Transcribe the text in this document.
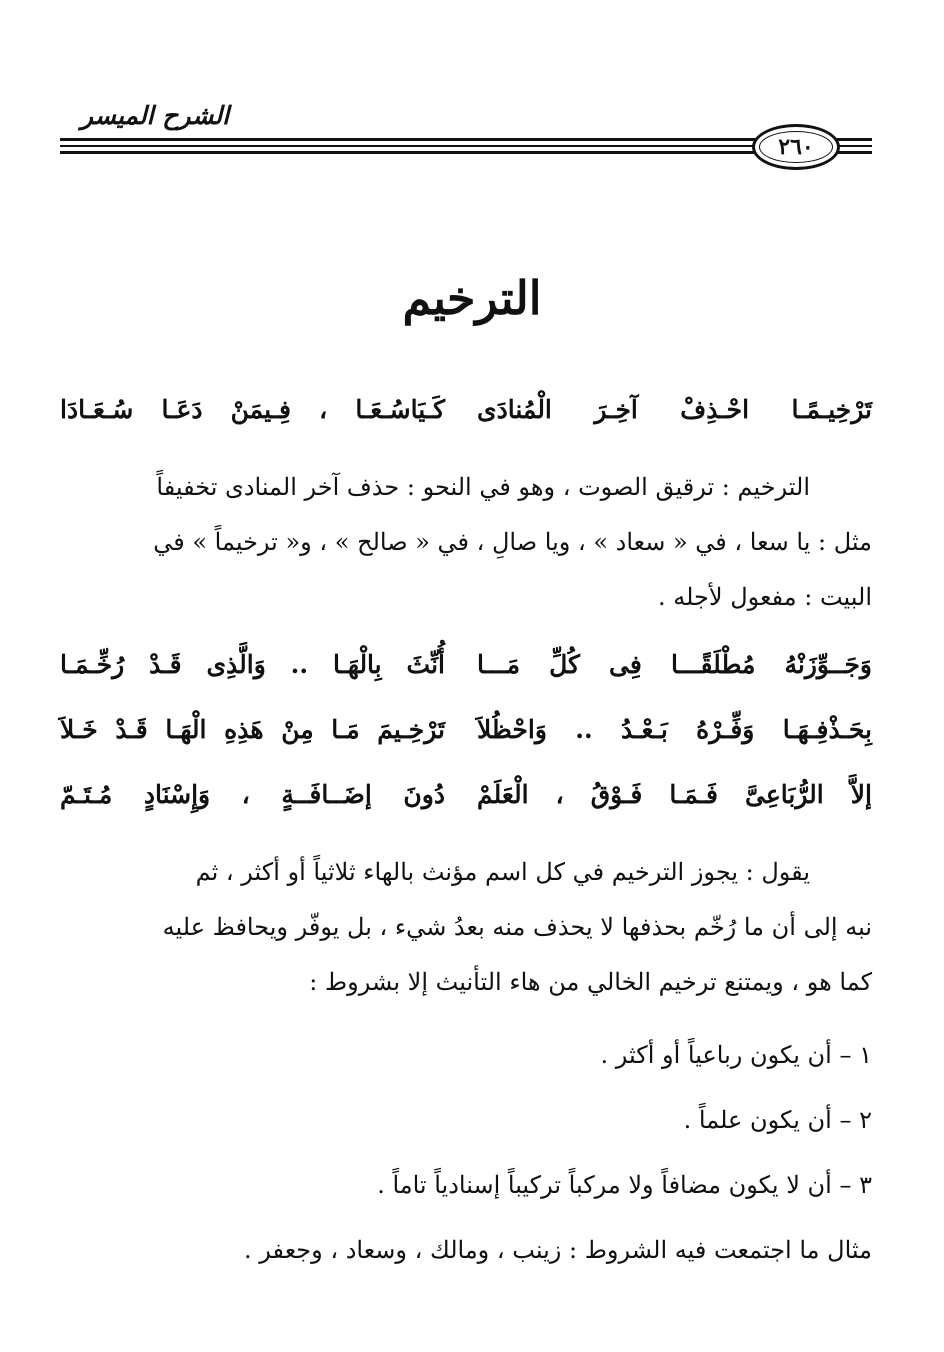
الشرح الميسر
٢٦٠
الترخيم
تَرْخِيـمًـا احْـذِفْ آخِـرَ الْمُنادَى
كَـيَاسُـعَـا ، فِـيمَنْ دَعَـا سُـعَـادَا

الترخيم : ترقيق الصوت ، وهو في النحو : حذف آخر المنادى تخفيفاً

مثل : يا سعا ، في « سعاد » ، ويا صالِ ، في « صالح » ، و« ترخيماً » في

البيت : مفعول لأجله .

وَجَــوِّزَنْهُ مُطْلَقًـــا فِى كُلِّ مَـــا
أُنِّثَ بِالْهَـا .. وَالَّذِى قَـدْ رُخِّـمَـا
بِحَـذْفِـهَـا وَفِّـرْهُ بَـعْـدُ .. وَاحْظُلاَ
تَرْخِـيمَ مَـا مِنْ هَذِهِ الْهَـا قَـدْ خَـلاَ
إلاَّ الرُّبَاعِىَّ فَـمَـا فَـوْقُ ، الْعَلَمْ
دُونَ إضَــافَــةٍ ، وَإِسْنَادٍ مُـتَـمّ

يقول : يجوز الترخيم في كل اسم مؤنث بالهاء ثلاثياً أو أكثر ، ثم

نبه إلى أن ما رُخّم بحذفها لا يحذف منه بعدُ شيء ، بل يوفّر ويحافظ عليه

كما هو ، ويمتنع ترخيم الخالي من هاء التأنيث إلا بشروط :

١ – أن يكون رباعياً أو أكثر .
٢ – أن يكون علماً .
٣ – أن لا يكون مضافاً ولا مركباً تركيباً إسنادياً تاماً .
مثال ما اجتمعت فيه الشروط : زينب ، ومالك ، وسعاد ، وجعفر .
